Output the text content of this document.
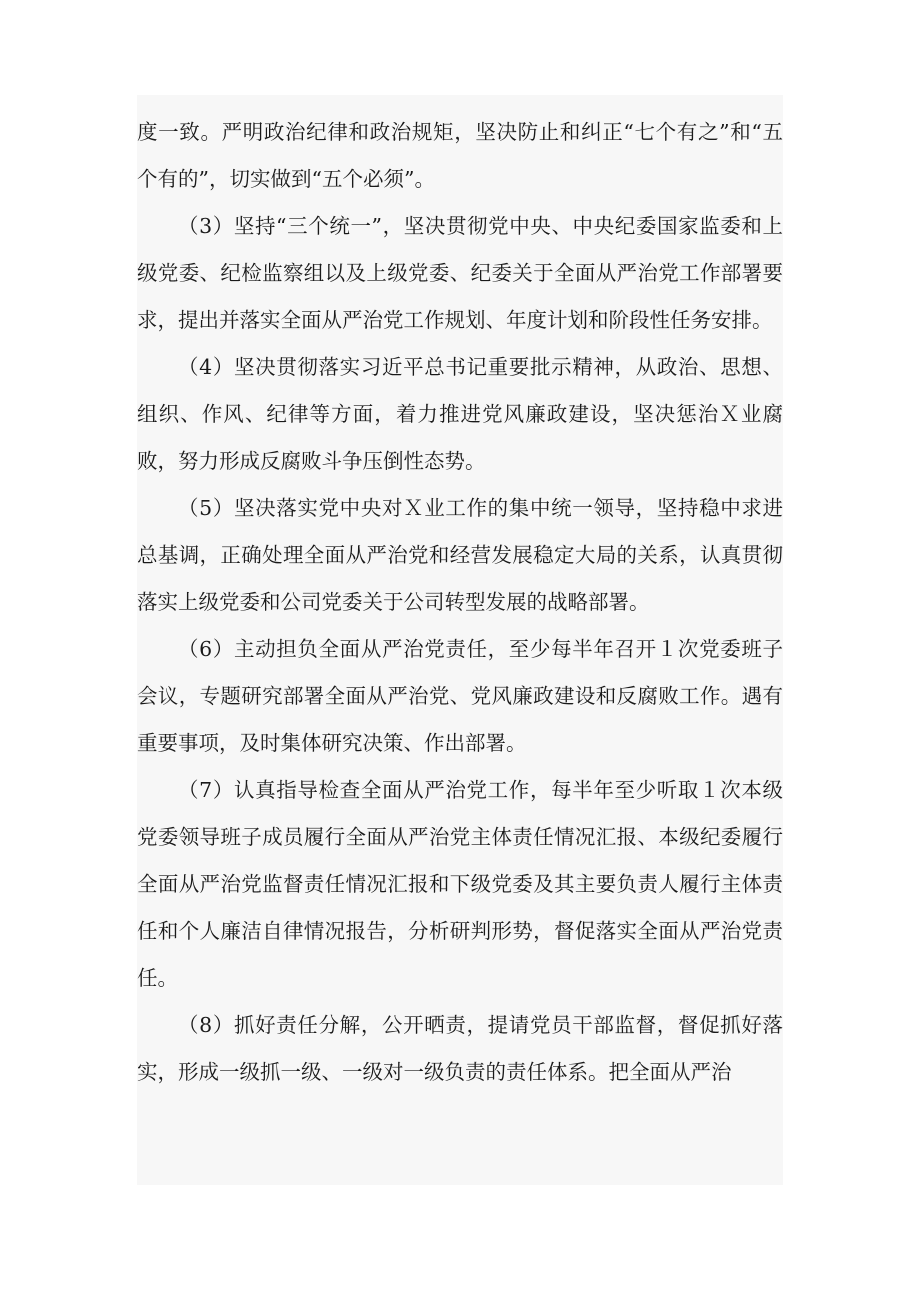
度一致。严明政治纪律和政治规矩，坚决防止和纠正“七个有之”和“五个有的”，切实做到“五个必须”。

（3）坚持“三个统一”，坚决贯彻党中央、中央纪委国家监委和上级党委、纪检监察组以及上级党委、纪委关于全面从严治党工作部署要求，提出并落实全面从严治党工作规划、年度计划和阶段性任务安排。

（4）坚决贯彻落实习近平总书记重要批示精神，从政治、思想、组织、作风、纪律等方面，着力推进党风廉政建设，坚决惩治Ｘ业腐败，努力形成反腐败斗争压倒性态势。

（5）坚决落实党中央对Ｘ业工作的集中统一领导，坚持稳中求进总基调，正确处理全面从严治党和经营发展稳定大局的关系，认真贯彻落实上级党委和公司党委关于公司转型发展的战略部署。

（6）主动担负全面从严治党责任，至少每半年召开１次党委班子会议，专题研究部署全面从严治党、党风廉政建设和反腐败工作。遇有重要事项，及时集体研究决策、作出部署。

（7）认真指导检查全面从严治党工作，每半年至少听取１次本级党委领导班子成员履行全面从严治党主体责任情况汇报、本级纪委履行全面从严治党监督责任情况汇报和下级党委及其主要负责人履行主体责任和个人廉洁自律情况报告，分析研判形势，督促落实全面从严治党责任。

（8）抓好责任分解，公开晒责，提请党员干部监督，督促抓好落实，形成一级抓一级、一级对一级负责的责任体系。把全面从严治
